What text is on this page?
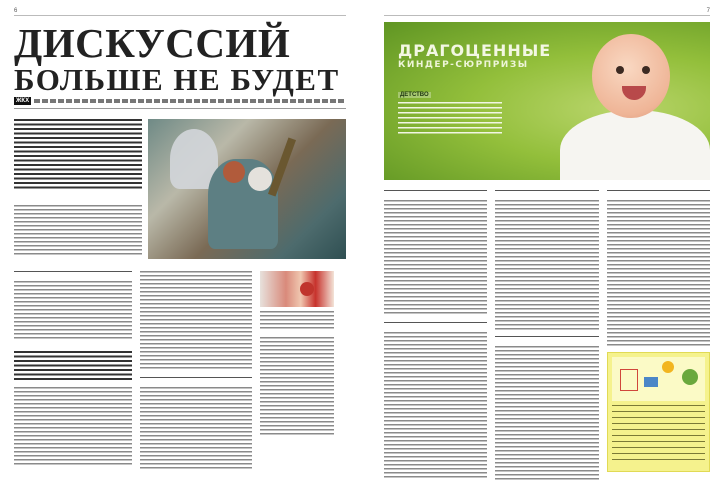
6
ДИСКУССИЙ
БОЛЬШЕ НЕ БУДЕТ
ЖКХ
7
ДРАГОЦЕННЫЕ
КИНДЕР-СЮРПРИЗЫ
ДЕТСТВО
